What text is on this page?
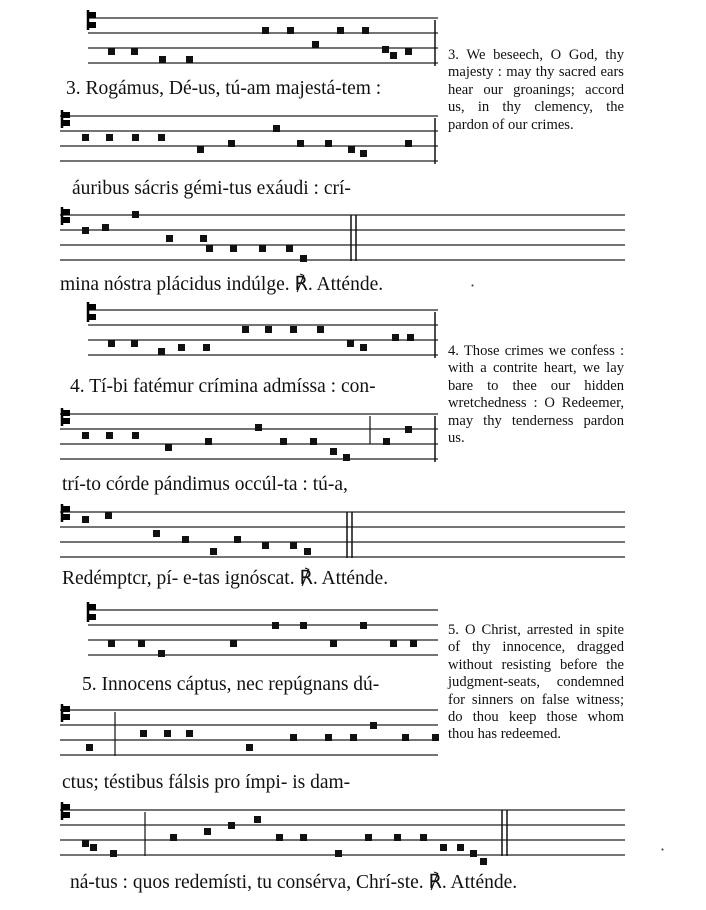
3. Rogámus, Dé-us, tú-am majestá-tem :
áuribus sácris gémi-tus exáudi : crí-
mina nóstra plácidus indúlge. ℟. Atténde.	·
3. We beseech, O God, thy majesty : may thy sacred ears hear our groanings; accord us, in thy clemency, the pardon of our crimes.
4. Tí-bi fatémur crímina admíssa : con-
trí-to córde pándimus occúl-ta : tú-a,
Redémptcr, pí- e-tas ignóscat. ℟. Atténde.
4. Those crimes we confess : with a contrite heart, we lay bare to thee our hidden wretchedness : O Redeemer, may thy tenderness pardon us.
5. Innocens cáptus, nec repúgnans dú-
ctus; téstibus fálsis pro ímpi- is dam-
ná-tus : quos redemísti, tu consérva, Chrí-ste. ℟. Atténde.
·
5. O Christ, arrested in spite of thy innocence, dragged without resisting before the judgment-seats, condemned for sinners on false witness; do thou keep those whom thou has redeemed.
